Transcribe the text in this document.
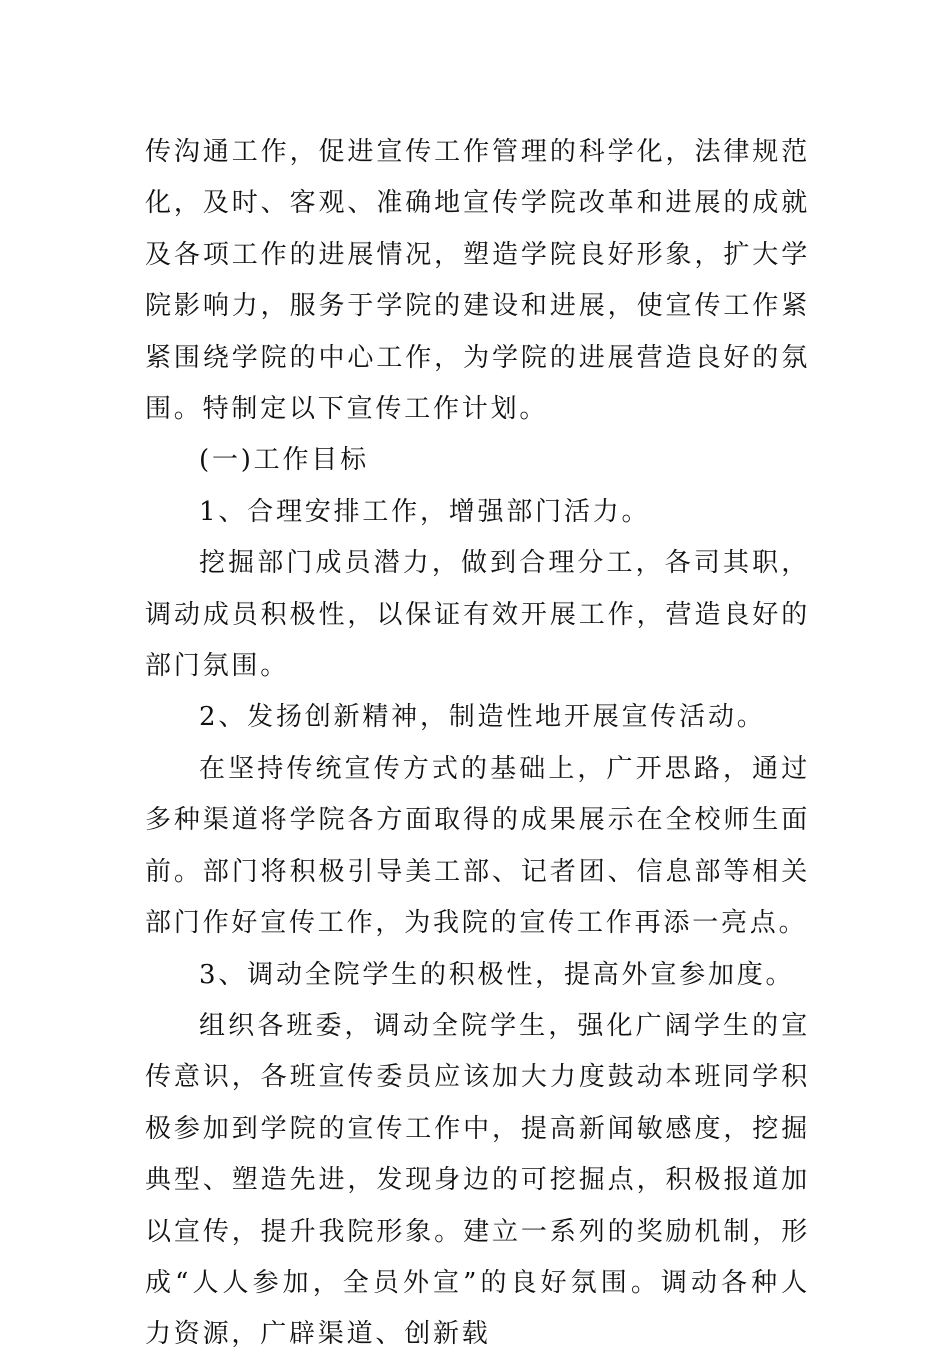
传沟通工作，促进宣传工作管理的科学化，法律规范化，及时、客观、准确地宣传学院改革和进展的成就及各项工作的进展情况，塑造学院良好形象，扩大学院影响力，服务于学院的建设和进展，使宣传工作紧紧围绕学院的中心工作，为学院的进展营造良好的氛围。特制定以下宣传工作计划。

(一)工作目标

1、合理安排工作，增强部门活力。

挖掘部门成员潜力，做到合理分工，各司其职，调动成员积极性，以保证有效开展工作，营造良好的部门氛围。

2、发扬创新精神，制造性地开展宣传活动。

在坚持传统宣传方式的基础上，广开思路，通过多种渠道将学院各方面取得的成果展示在全校师生面前。部门将积极引导美工部、记者团、信息部等相关部门作好宣传工作，为我院的宣传工作再添一亮点。

3、调动全院学生的积极性，提高外宣参加度。

组织各班委，调动全院学生，强化广阔学生的宣传意识，各班宣传委员应该加大力度鼓动本班同学积极参加到学院的宣传工作中，提高新闻敏感度，挖掘典型、塑造先进，发现身边的可挖掘点，积极报道加以宣传，提升我院形象。建立一系列的奖励机制，形成“人人参加，全员外宣”的良好氛围。调动各种人力资源，广辟渠道、创新载
